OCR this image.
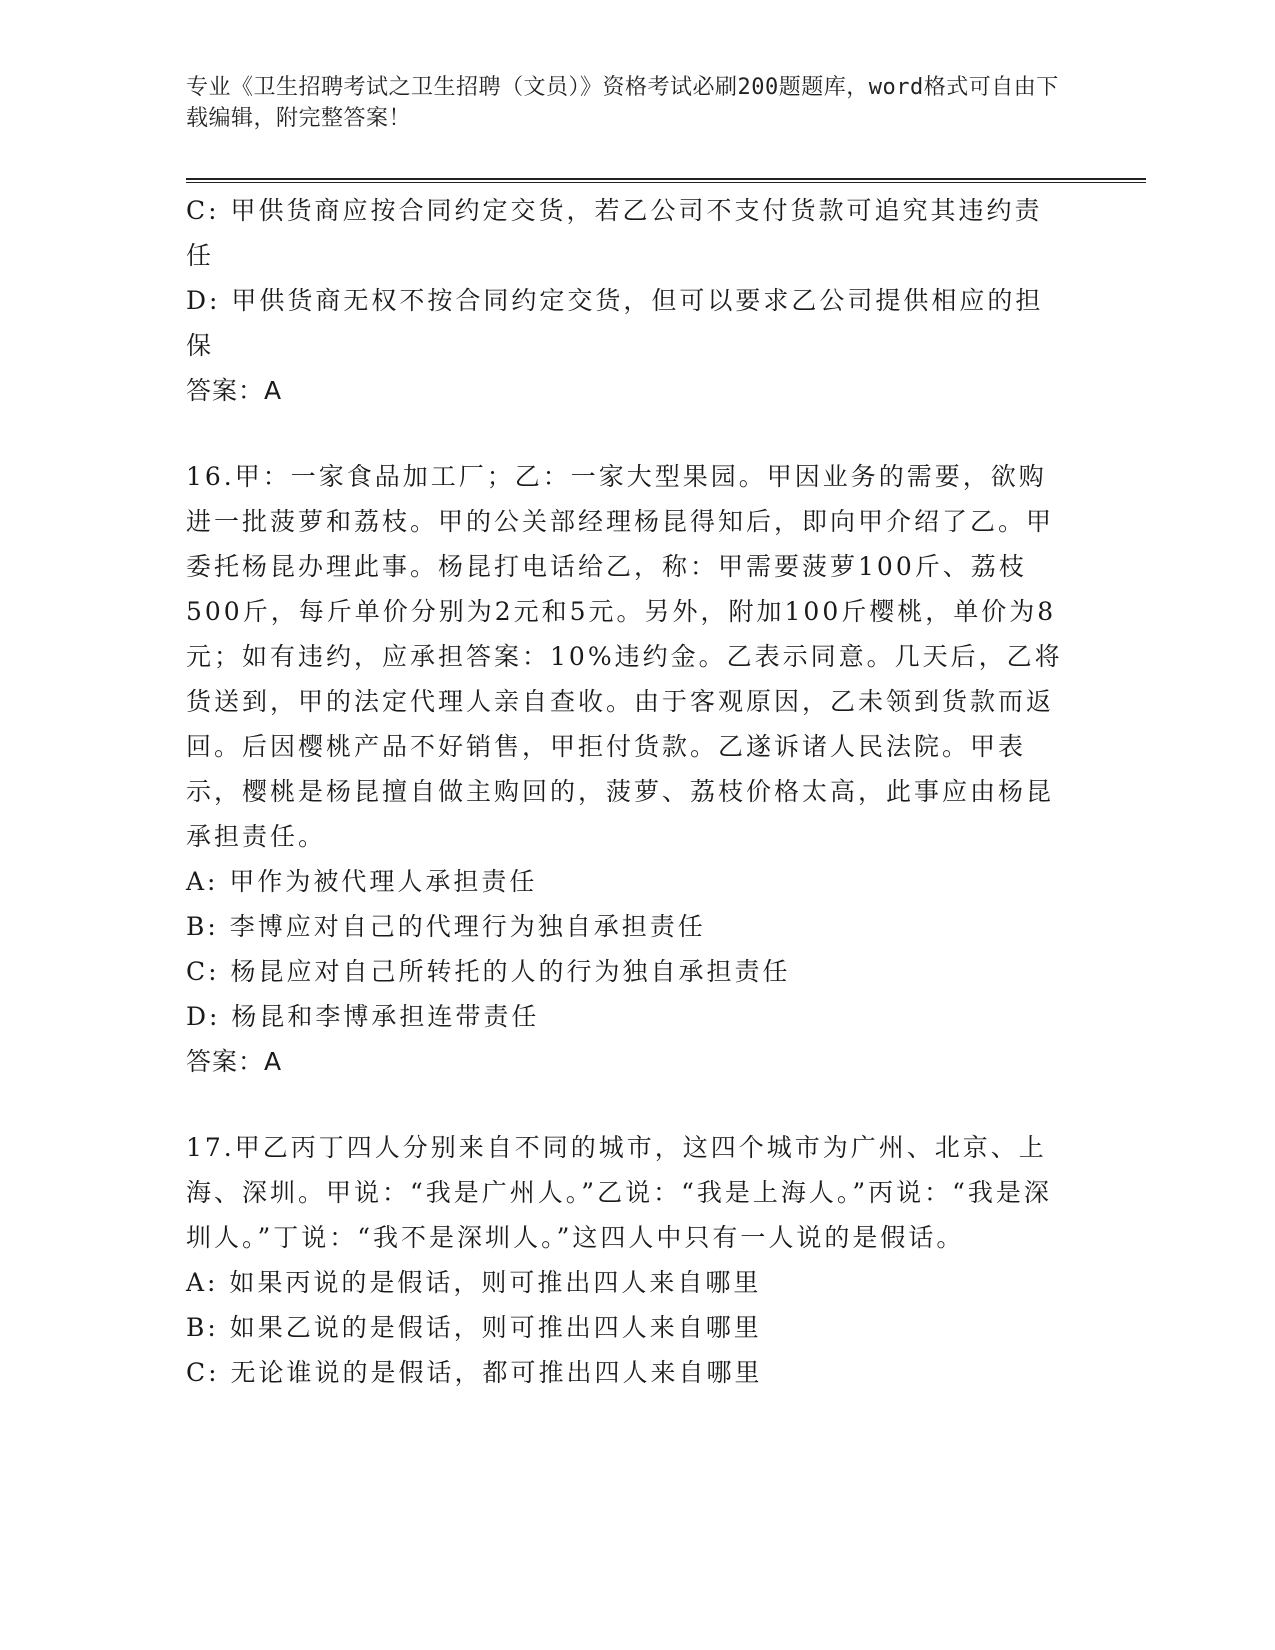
专业《卫生招聘考试之卫生招聘（文员）》资格考试必刷200题题库，word格式可自由下载编辑，附完整答案！

C: 甲供货商应按合同约定交货，若乙公司不支付货款可追究其违约责任

D: 甲供货商无权不按合同约定交货，但可以要求乙公司提供相应的担保

答案：A

16.甲：一家食品加工厂；乙：一家大型果园。甲因业务的需要，欲购进一批菠萝和荔枝。甲的公关部经理杨昆得知后，即向甲介绍了乙。甲委托杨昆办理此事。杨昆打电话给乙，称：甲需要菠萝100斤、荔枝500斤，每斤单价分别为2元和5元。另外，附加100斤樱桃，单价为8元；如有违约，应承担答案：10%违约金。乙表示同意。几天后，乙将货送到，甲的法定代理人亲自查收。由于客观原因，乙未领到货款而返回。后因樱桃产品不好销售，甲拒付货款。乙遂诉诸人民法院。甲表示，樱桃是杨昆擅自做主购回的，菠萝、荔枝价格太高，此事应由杨昆承担责任。

A: 甲作为被代理人承担责任

B: 李博应对自己的代理行为独自承担责任

C: 杨昆应对自己所转托的人的行为独自承担责任

D: 杨昆和李博承担连带责任

答案：A

17.甲乙丙丁四人分别来自不同的城市，这四个城市为广州、北京、上海、深圳。甲说：“我是广州人。”乙说：“我是上海人。”丙说：“我是深圳人。”丁说：“我不是深圳人。”这四人中只有一人说的是假话。

A: 如果丙说的是假话，则可推出四人来自哪里

B: 如果乙说的是假话，则可推出四人来自哪里

C: 无论谁说的是假话，都可推出四人来自哪里
